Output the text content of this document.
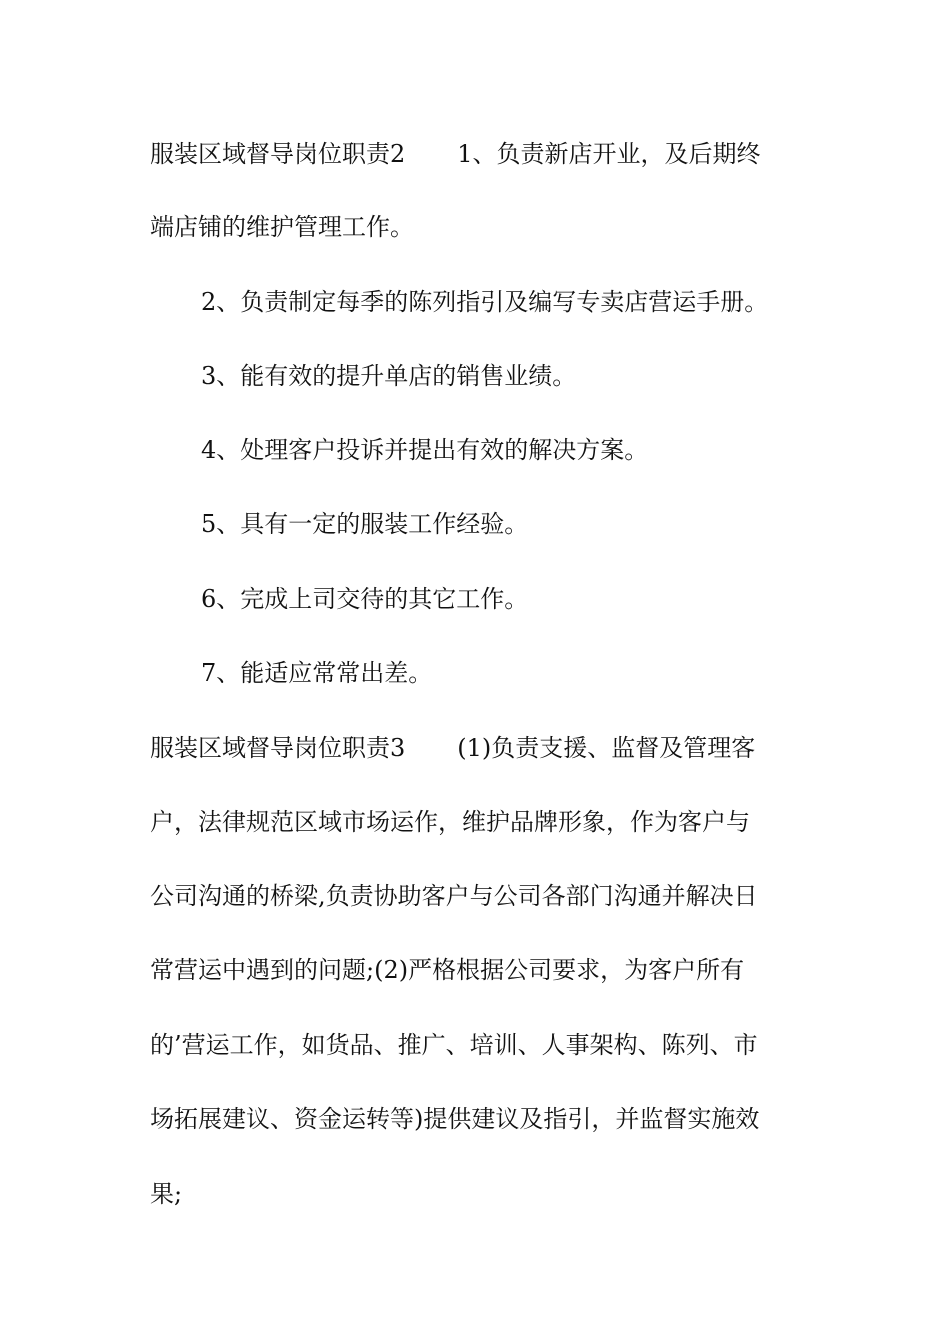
服装区域督导岗位职责2 1、负责新店开业，及后期终

端店铺的维护管理工作。

2、负责制定每季的陈列指引及编写专卖店营运手册。

3、能有效的提升单店的销售业绩。

4、处理客户投诉并提出有效的解决方案。

5、具有一定的服装工作经验。

6、完成上司交待的其它工作。

7、能适应常常出差。

服装区域督导岗位职责3 (1)负责支援、监督及管理客

户，法律规范区域市场运作，维护品牌形象，作为客户与

公司沟通的桥梁,负责协助客户与公司各部门沟通并解决日

常营运中遇到的问题;(2)严格根据公司要求，为客户所有

的’营运工作，如货品、推广、培训、人事架构、陈列、市

场拓展建议、资金运转等)提供建议及指引，并监督实施效

果;
